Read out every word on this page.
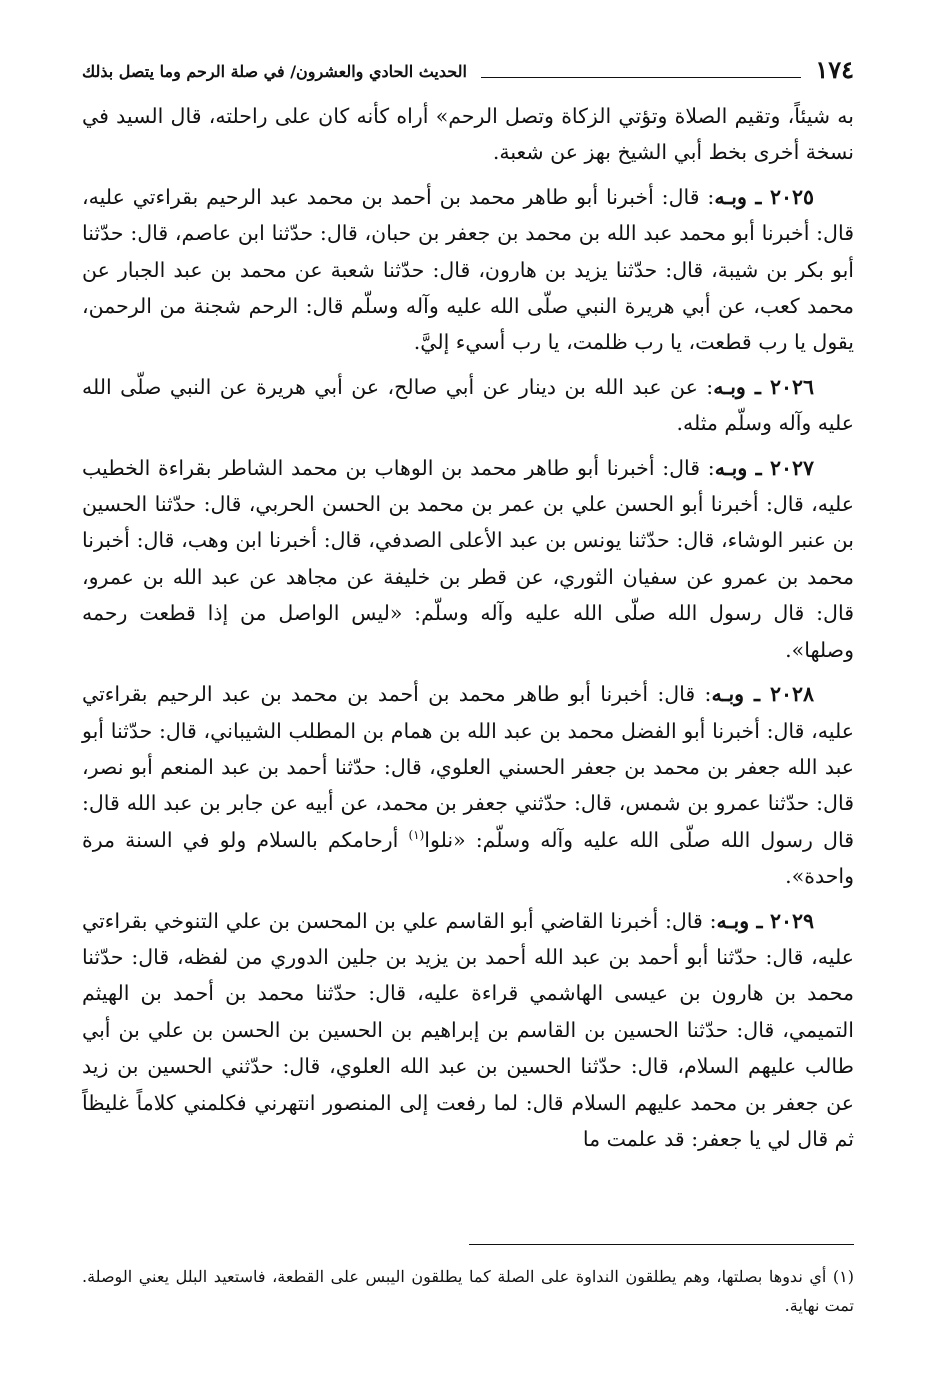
١٧٤
الحديث الحادي والعشرون/ في صلة الرحم وما يتصل بذلك

به شيئاً، وتقيم الصلاة وتؤتي الزكاة وتصل الرحم» أراه كأنه كان على راحلته، قال السيد في نسخة أخرى بخط أبي الشيخ بهز عن شعبة.

٢٠٢٥ ـ وبـه: قال: أخبرنا أبو طاهر محمد بن أحمد بن محمد عبد الرحيم بقراءتي عليه، قال: أخبرنا أبو محمد عبد الله بن محمد بن جعفر بن حبان، قال: حدّثنا ابن عاصم، قال: حدّثنا أبو بكر بن شيبة، قال: حدّثنا يزيد بن هارون، قال: حدّثنا شعبة عن محمد بن عبد الجبار عن محمد كعب، عن أبي هريرة النبي صلّى الله عليه وآله وسلّم قال: الرحم شجنة من الرحمن، يقول يا رب قطعت، يا رب ظلمت، يا رب أسيء إليَّ.

٢٠٢٦ ـ وبـه: عن عبد الله بن دينار عن أبي صالح، عن أبي هريرة عن النبي صلّى الله عليه وآله وسلّم مثله.

٢٠٢٧ ـ وبـه: قال: أخبرنا أبو طاهر محمد بن الوهاب بن محمد الشاطر بقراءة الخطيب عليه، قال: أخبرنا أبو الحسن علي بن عمر بن محمد بن الحسن الحربي، قال: حدّثنا الحسين بن عنبر الوشاء، قال: حدّثنا يونس بن عبد الأعلى الصدفي، قال: أخبرنا ابن وهب، قال: أخبرنا محمد بن عمرو عن سفيان الثوري، عن قطر بن خليفة عن مجاهد عن عبد الله بن عمرو، قال: قال رسول الله صلّى الله عليه وآله وسلّم: «ليس الواصل من إذا قطعت رحمه وصلها».

٢٠٢٨ ـ وبـه: قال: أخبرنا أبو طاهر محمد بن أحمد بن محمد بن عبد الرحيم بقراءتي عليه، قال: أخبرنا أبو الفضل محمد بن عبد الله بن همام بن المطلب الشيباني، قال: حدّثنا أبو عبد الله جعفر بن محمد بن جعفر الحسني العلوي، قال: حدّثنا أحمد بن عبد المنعم أبو نصر، قال: حدّثنا عمرو بن شمس، قال: حدّثني جعفر بن محمد، عن أبيه عن جابر بن عبد الله قال: قال رسول الله صلّى الله عليه وآله وسلّم: «نلوا$^{(١)}$ أرحامكم بالسلام ولو في السنة مرة واحدة».

٢٠٢٩ ـ وبـه: قال: أخبرنا القاضي أبو القاسم علي بن المحسن بن علي التنوخي بقراءتي عليه، قال: حدّثنا أبو أحمد بن عبد الله أحمد بن يزيد بن جلين الدوري من لفظه، قال: حدّثنا محمد بن هارون بن عيسى الهاشمي قراءة عليه، قال: حدّثنا محمد بن أحمد بن الهيثم التميمي، قال: حدّثنا الحسين بن القاسم بن إبراهيم بن الحسين بن الحسن بن علي بن أبي طالب عليهم السلام، قال: حدّثنا الحسين بن عبد الله العلوي، قال: حدّثني الحسين بن زيد عن جعفر بن محمد عليهم السلام قال: لما رفعت إلى المنصور انتهرني فكلمني كلاماً غليظاً ثم قال لي يا جعفر: قد علمت ما

(١) أي ندوها بصلتها، وهم يطلقون النداوة على الصلة كما يطلقون اليبس على القطعة، فاستعيد البلل يعني الوصلة. تمت نهاية.
